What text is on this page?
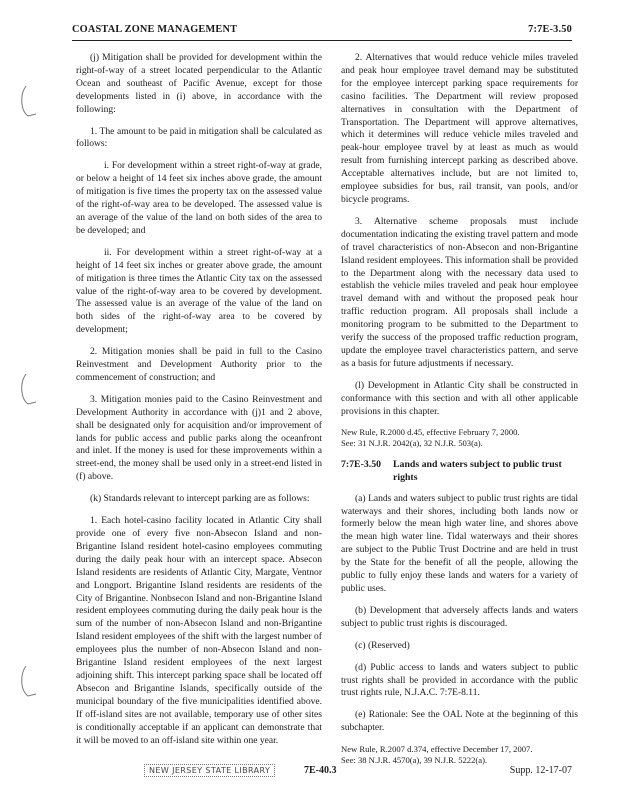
COASTAL ZONE MANAGEMENT	7:7E-3.50

(j) Mitigation shall be provided for development within the right-of-way of a street located perpendicular to the Atlantic Ocean and southeast of Pacific Avenue, except for those developments listed in (i) above, in accordance with the following:

1. The amount to be paid in mitigation shall be calculated as follows:

i. For development within a street right-of-way at grade, or below a height of 14 feet six inches above grade, the amount of mitigation is five times the property tax on the assessed value of the right-of-way area to be developed. The assessed value is an average of the value of the land on both sides of the area to be developed; and

ii. For development within a street right-of-way at a height of 14 feet six inches or greater above grade, the amount of mitigation is three times the Atlantic City tax on the assessed value of the right-of-way area to be covered by development. The assessed value is an average of the value of the land on both sides of the right-of-way area to be covered by development;

2. Mitigation monies shall be paid in full to the Casino Reinvestment and Development Authority prior to the commencement of construction; and

3. Mitigation monies paid to the Casino Reinvestment and Development Authority in accordance with (j)1 and 2 above, shall be designated only for acquisition and/or improvement of lands for public access and public parks along the oceanfront and inlet. If the money is used for these improvements within a street-end, the money shall be used only in a street-end listed in (f) above.

(k) Standards relevant to intercept parking are as follows:

1. Each hotel-casino facility located in Atlantic City shall provide one of every five non-Absecon Island and non-Brigantine Island resident hotel-casino employees commuting during the daily peak hour with an intercept space. Absecon Island residents are residents of Atlantic City, Margate, Ventnor and Longport. Brigantine Island residents are residents of the City of Brigantine. Nonbsecon Island and non-Brigantine Island resident employees commuting during the daily peak hour is the sum of the number of non-Absecon Island and non-Brigantine Island resident employees of the shift with the largest number of employees plus the number of non-Absecon Island and non-Brigantine Island resident employees of the next largest adjoining shift. This intercept parking space shall be located off Absecon and Brigantine Islands, specifically outside of the municipal boundary of the five municipalities identified above. If off-island sites are not available, temporary use of other sites is conditionally acceptable if an applicant can demonstrate that it will be moved to an off-island site within one year.

2. Alternatives that would reduce vehicle miles traveled and peak hour employee travel demand may be substituted for the employee intercept parking space requirements for casino facilities. The Department will review proposed alternatives in consultation with the Department of Transportation. The Department will approve alternatives, which it determines will reduce vehicle miles traveled and peak-hour employee travel by at least as much as would result from furnishing intercept parking as described above. Acceptable alternatives include, but are not limited to, employee subsidies for bus, rail transit, van pools, and/or bicycle programs.

3. Alternative scheme proposals must include documentation indicating the existing travel pattern and mode of travel characteristics of non-Absecon and non-Brigantine Island resident employees. This information shall be provided to the Department along with the necessary data used to establish the vehicle miles traveled and peak hour employee travel demand with and without the proposed peak hour traffic reduction program. All proposals shall include a monitoring program to be submitted to the Department to verify the success of the proposed traffic reduction program, update the employee travel characteristics pattern, and serve as a basis for future adjustments if necessary.

(l) Development in Atlantic City shall be constructed in conformance with this section and with all other applicable provisions in this chapter.

New Rule, R.2000 d.45, effective February 7, 2000.
See: 31 N.J.R. 2042(a), 32 N.J.R. 503(a).
7:7E-3.50 Lands and waters subject to public trust rights

(a) Lands and waters subject to public trust rights are tidal waterways and their shores, including both lands now or formerly below the mean high water line, and shores above the mean high water line. Tidal waterways and their shores are subject to the Public Trust Doctrine and are held in trust by the State for the benefit of all the people, allowing the public to fully enjoy these lands and waters for a variety of public uses.

(b) Development that adversely affects lands and waters subject to public trust rights is discouraged.

(c) (Reserved)

(d) Public access to lands and waters subject to public trust rights shall be provided in accordance with the public trust rights rule, N.J.A.C. 7:7E-8.11.

(e) Rationale: See the OAL Note at the beginning of this subchapter.

New Rule, R.2007 d.374, effective December 17, 2007.
See: 38 N.J.R. 4570(a), 39 N.J.R. 5222(a).
NEW JERSEY STATE LIBRARY	7E-40.3	Supp. 12-17-07
